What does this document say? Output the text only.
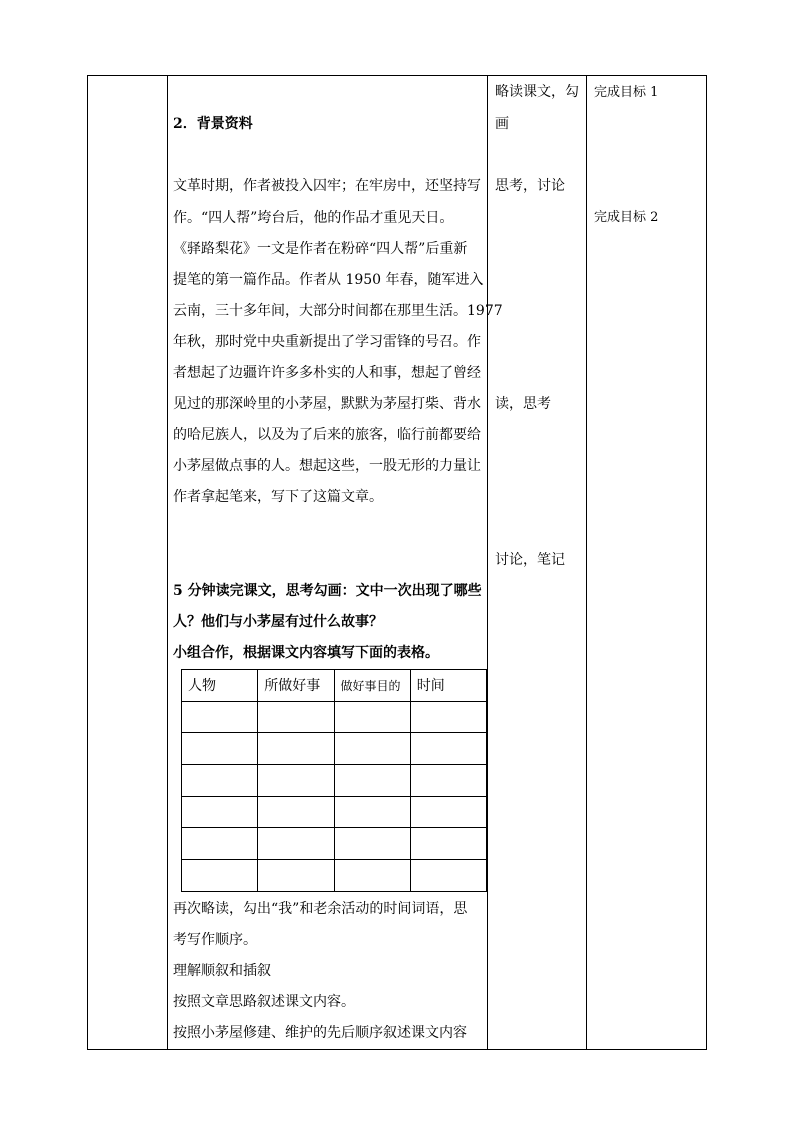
略读课文，勾
画
思考，讨论
读，思考
讨论，笔记
完成目标 1
完成目标 2
2．背景资料
文革时期，作者被投入囚牢；在牢房中，还坚持写
作。“四人帮”垮台后，他的作品才重见天日。
《驿路梨花》一文是作者在粉碎“四人帮”后重新
提笔的第一篇作品。作者从 1950 年春，随军进入
云南，三十多年间，大部分时间都在那里生活。1977
年秋，那时党中央重新提出了学习雷锋的号召。作
者想起了边疆许许多多朴实的人和事，想起了曾经
见过的那深岭里的小茅屋，默默为茅屋打柴、背水
的哈尼族人，以及为了后来的旅客，临行前都要给
小茅屋做点事的人。想起这些，一股无形的力量让
作者拿起笔来，写下了这篇文章。
5 分钟读完课文，思考勾画：文中一次出现了哪些
人？他们与小茅屋有过什么故事？
小组合作，根据课文内容填写下面的表格。
人物	所做好事	做好事目的	时间

再次略读，勾出“我”和老余活动的时间词语，思
考写作顺序。
理解顺叙和插叙
按照文章思路叙述课文内容。
按照小茅屋修建、维护的先后顺序叙述课文内容
